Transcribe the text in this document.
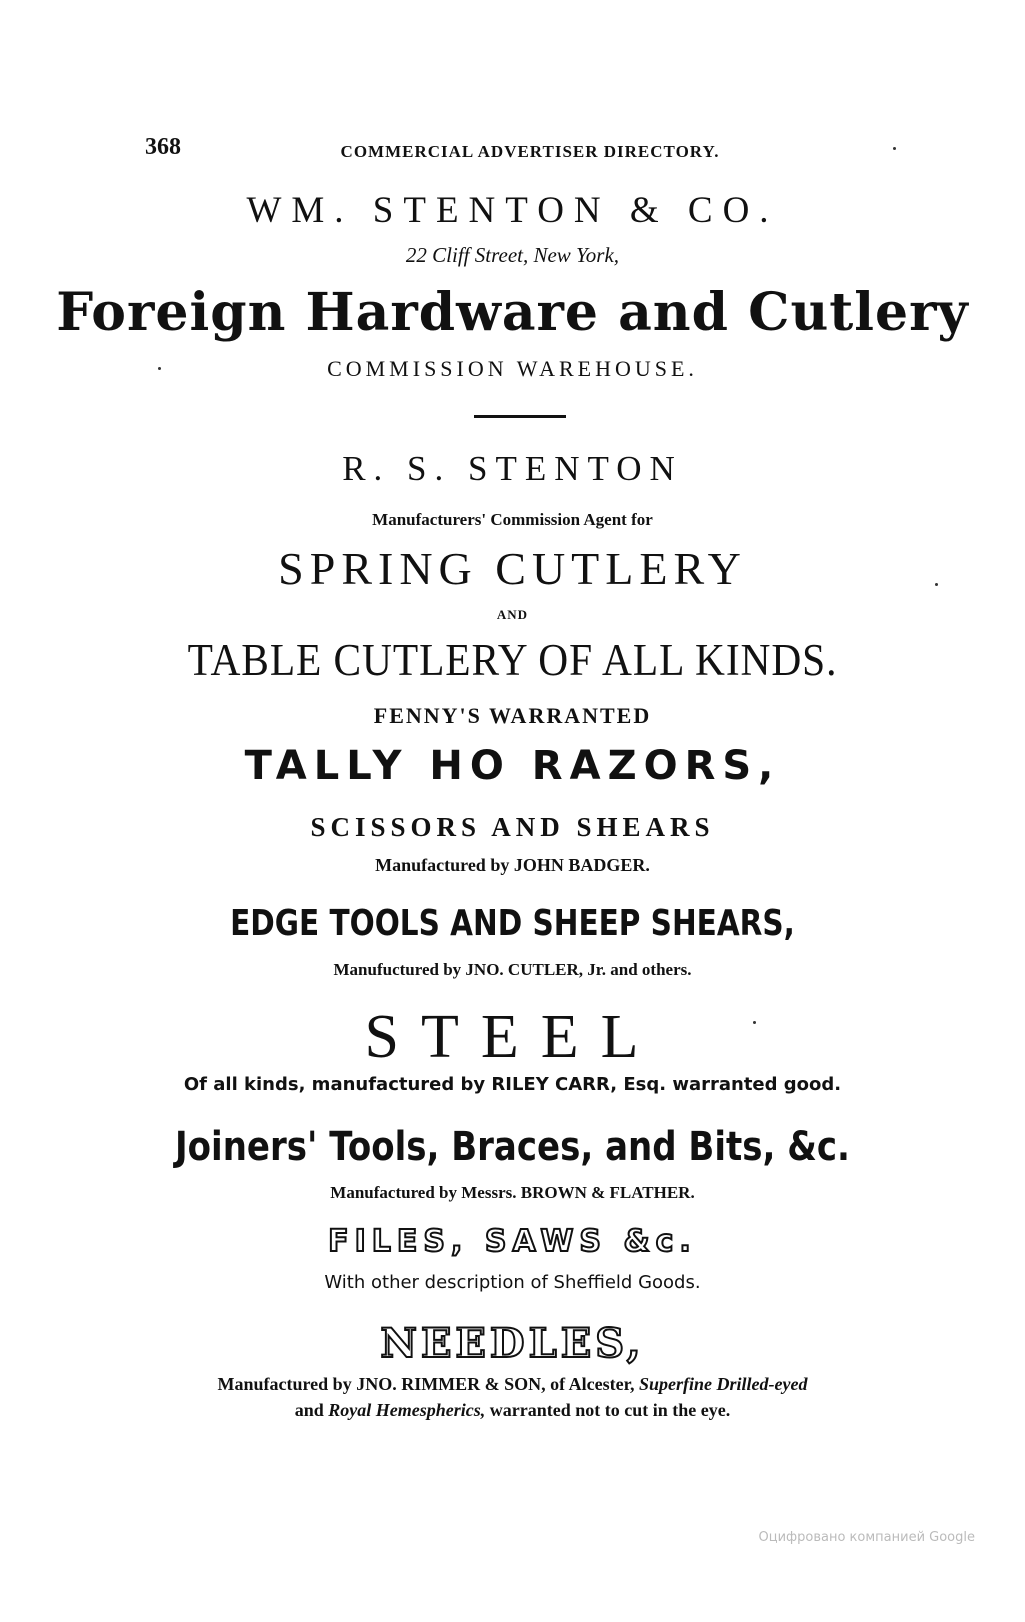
368	COMMERCIAL ADVERTISER DIRECTORY.
WM. STENTON & CO.
22 Cliff Street, New York,
Foreign Hardware and Cutlery
COMMISSION WAREHOUSE.
R. S. STENTON
Manufacturers' Commission Agent for
SPRING CUTLERY
AND
TABLE CUTLERY OF ALL KINDS.
FENNY'S WARRANTED
TALLY HO RAZORS,
SCISSORS AND SHEARS
Manufactured by JOHN BADGER.
EDGE TOOLS AND SHEEP SHEARS,
Manufuctured by JNO. CUTLER, Jr. and others.
STEEL
Of all kinds, manufactured by RILEY CARR, Esq. warranted good.
Joiners' Tools, Braces, and Bits, &c.
Manufactured by Messrs. BROWN & FLATHER.
FILES, SAWS &c.
With other description of Sheffield Goods.
NEEDLES,
Manufactured by JNO. RIMMER & SON, of Alcester, Superfine Drilled-eyed
and Royal Hemespherics, warranted not to cut in the eye.
Оцифровано компанией Google
